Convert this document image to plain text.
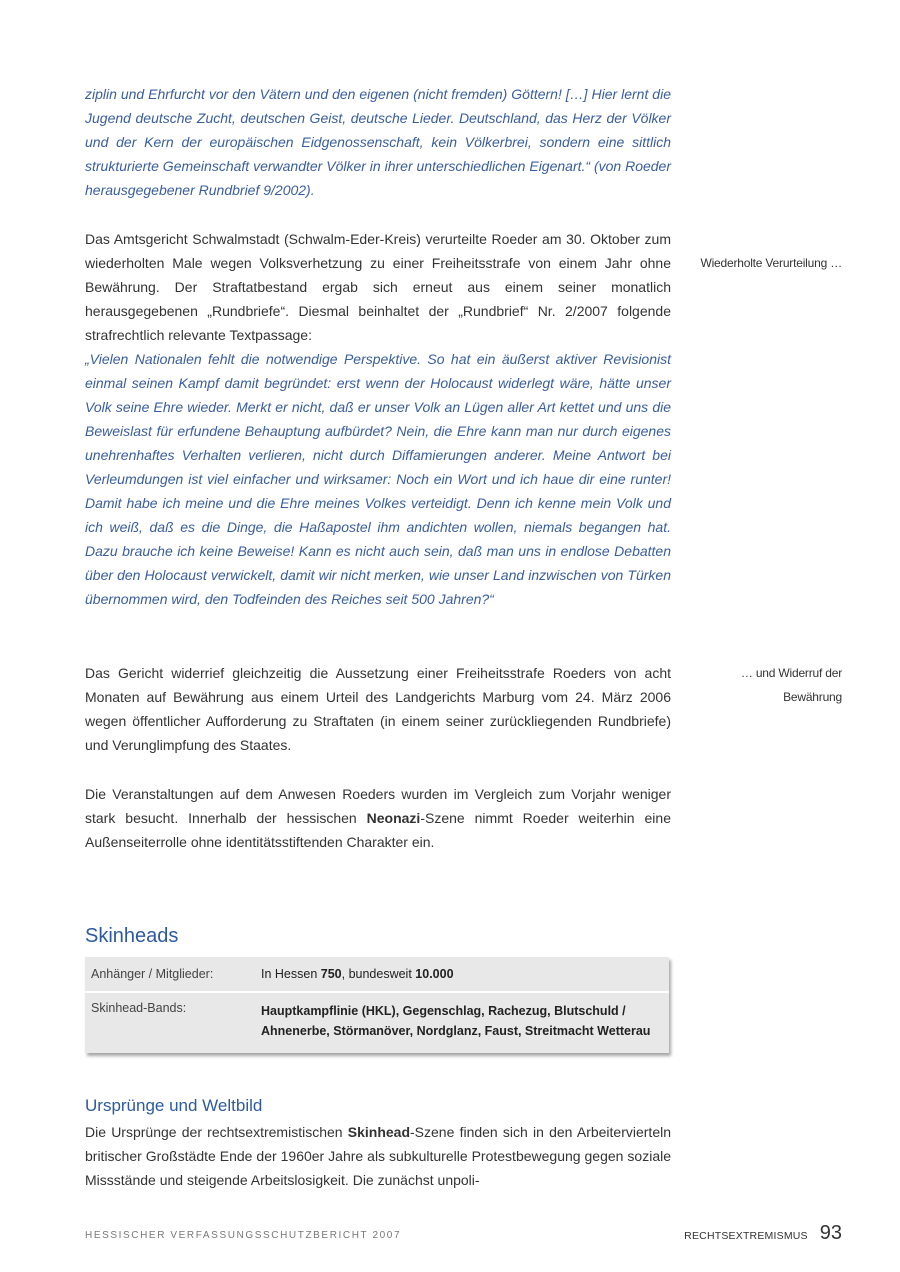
ziplin und Ehrfurcht vor den Vätern und den eigenen (nicht fremden) Göttern! […] Hier lernt die Jugend deutsche Zucht, deutschen Geist, deutsche Lieder. Deutschland, das Herz der Völker und der Kern der europäischen Eidgenossenschaft, kein Völkerbrei, sondern eine sittlich strukturierte Gemeinschaft verwandter Völker in ihrer unterschiedlichen Eigenart.“ (von Roeder herausgegebener Rundbrief 9/2002).
Das Amtsgericht Schwalmstadt (Schwalm-Eder-Kreis) verurteilte Roeder am 30. Oktober zum wiederholten Male wegen Volksverhetzung zu einer Freiheitsstrafe von einem Jahr ohne Bewährung. Der Straftatbestand ergab sich erneut aus einem seiner monatlich herausgegebenen „Rundbriefe“. Diesmal beinhaltet der „Rundbrief“ Nr. 2/2007 folgende strafrechtlich relevante Textpassage:
Wiederholte Verurteilung …
„Vielen Nationalen fehlt die notwendige Perspektive. So hat ein äußerst aktiver Revisionist einmal seinen Kampf damit begründet: erst wenn der Holocaust widerlegt wäre, hätte unser Volk seine Ehre wieder. Merkt er nicht, daß er unser Volk an Lügen aller Art kettet und uns die Beweislast für erfundene Behauptung aufbürdet? Nein, die Ehre kann man nur durch eigenes unehrenhaftes Verhalten verlieren, nicht durch Diffamierungen anderer. Meine Antwort bei Verleumdungen ist viel einfacher und wirksamer: Noch ein Wort und ich haue dir eine runter! Damit habe ich meine und die Ehre meines Volkes verteidigt. Denn ich kenne mein Volk und ich weiß, daß es die Dinge, die Haßapostel ihm andichten wollen, niemals begangen hat. Dazu brauche ich keine Beweise! Kann es nicht auch sein, daß man uns in endlose Debatten über den Holocaust verwickelt, damit wir nicht merken, wie unser Land inzwischen von Türken übernommen wird, den Todfeinden des Reiches seit 500 Jahren?“
Das Gericht widerrief gleichzeitig die Aussetzung einer Freiheitsstrafe Roeders von acht Monaten auf Bewährung aus einem Urteil des Landgerichts Marburg vom 24. März 2006 wegen öffentlicher Aufforderung zu Straftaten (in einem seiner zurückliegenden Rundbriefe) und Verunglimpfung des Staates.
… und Widerruf der Bewährung
Die Veranstaltungen auf dem Anwesen Roeders wurden im Vergleich zum Vorjahr weniger stark besucht. Innerhalb der hessischen Neonazi-Szene nimmt Roeder weiterhin eine Außenseiterrolle ohne identitätsstiftenden Charakter ein.
Skinheads
Anhänger / Mitglieder:	In Hessen 750, bundesweit 10.000
Skinhead-Bands:	Hauptkampflinie (HKL), Gegenschlag, Rachezug, Blutschuld / Ahnenerbe, Störmanöver, Nordglanz, Faust, Streitmacht Wetterau
Ursprünge und Weltbild
Die Ursprünge der rechtsextremistischen Skinhead-Szene finden sich in den Arbeitervierteln britischer Großstädte Ende der 1960er Jahre als subkulturelle Protestbewegung gegen soziale Missstände und steigende Arbeitslosigkeit. Die zunächst unpoli-
HESSISCHER VERFASSUNGSSCHUTZBERICHT 2007	RECHTSEXTREMISMUS 93
